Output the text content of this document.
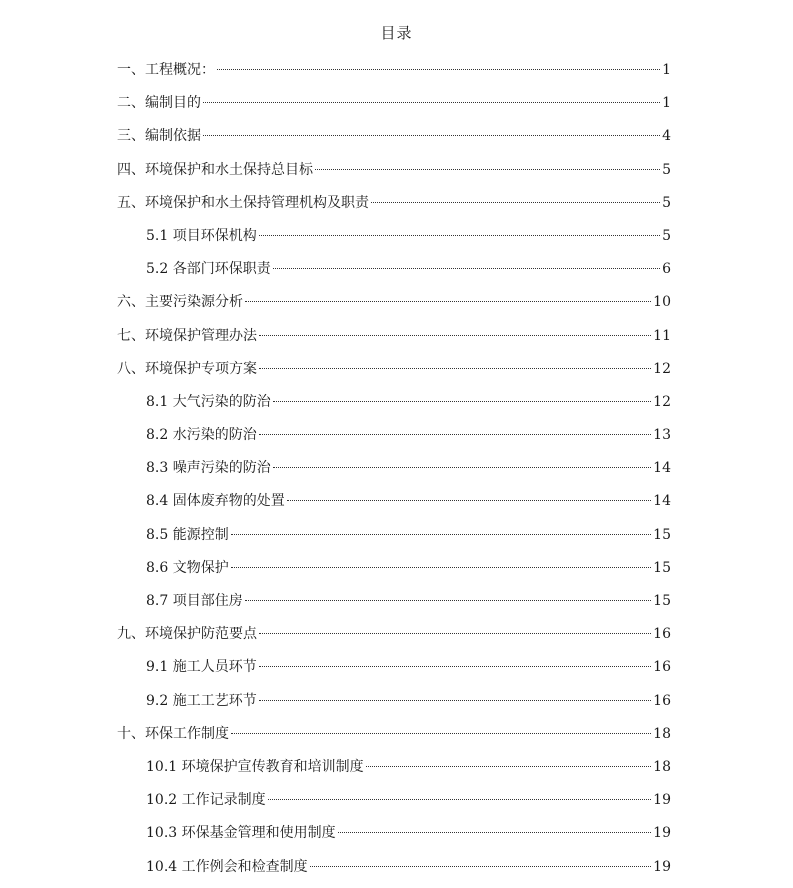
目录
一、工程概况：	1
二、编制目的	1
三、编制依据	4
四、环境保护和水土保持总目标	5
五、环境保护和水土保持管理机构及职责	5
5.1 项目环保机构	5
5.2 各部门环保职责	6
六、主要污染源分析	10
七、环境保护管理办法	11
八、环境保护专项方案	12
8.1 大气污染的防治	12
8.2 水污染的防治	13
8.3 噪声污染的防治	14
8.4 固体废弃物的处置	14
8.5 能源控制	15
8.6 文物保护	15
8.7 项目部住房	15
九、环境保护防范要点	16
9.1 施工人员环节	16
9.2 施工工艺环节	16
十、环保工作制度	18
10.1 环境保护宣传教育和培训制度	18
10.2 工作记录制度	19
10.3 环保基金管理和使用制度	19
10.4 工作例会和检查制度	19
